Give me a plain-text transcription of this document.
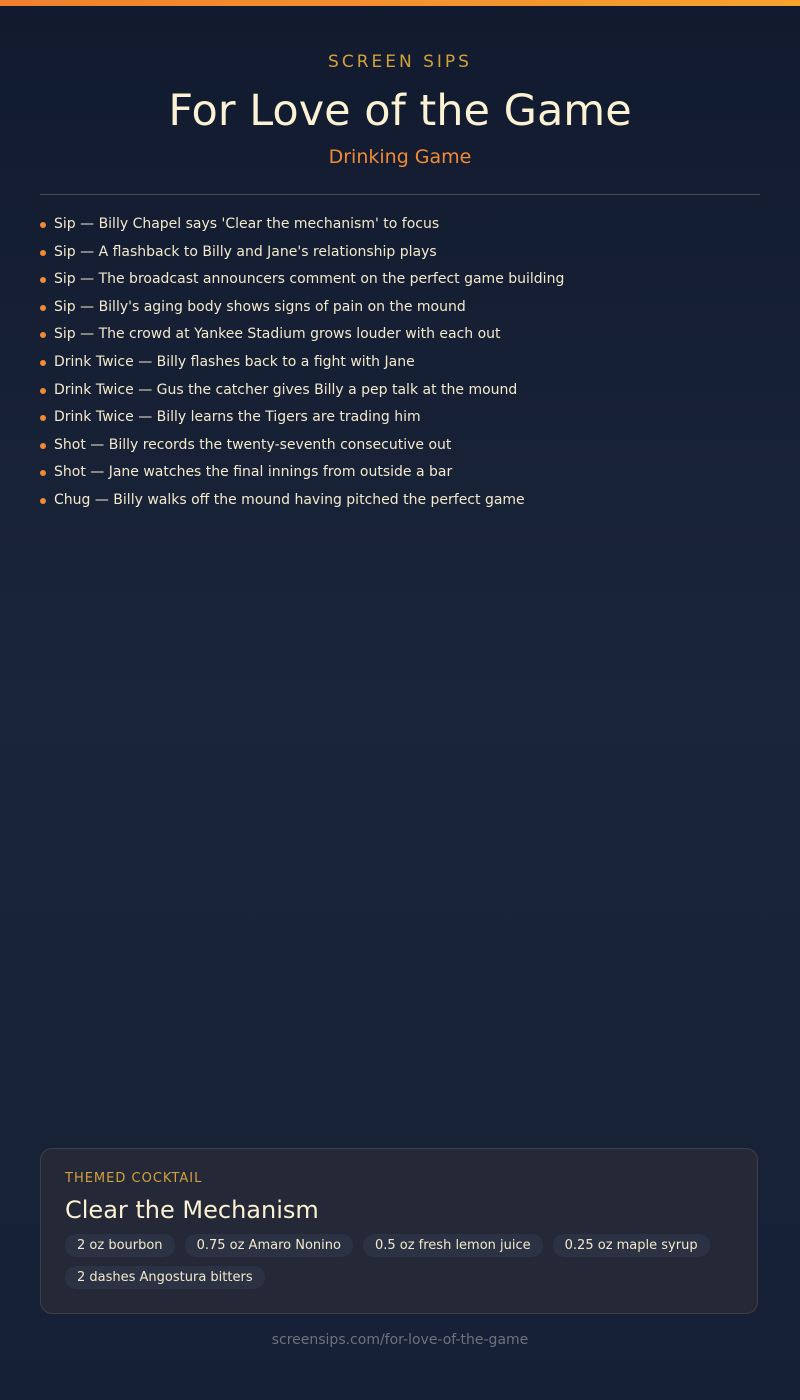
SCREEN SIPS
For Love of the Game
Drinking Game
Sip — Billy Chapel says 'Clear the mechanism' to focus
Sip — A flashback to Billy and Jane's relationship plays
Sip — The broadcast announcers comment on the perfect game building
Sip — Billy's aging body shows signs of pain on the mound
Sip — The crowd at Yankee Stadium grows louder with each out
Drink Twice — Billy flashes back to a fight with Jane
Drink Twice — Gus the catcher gives Billy a pep talk at the mound
Drink Twice — Billy learns the Tigers are trading him
Shot — Billy records the twenty-seventh consecutive out
Shot — Jane watches the final innings from outside a bar
Chug — Billy walks off the mound having pitched the perfect game
THEMED COCKTAIL
Clear the Mechanism
2 oz bourbon	0.75 oz Amaro Nonino	0.5 oz fresh lemon juice	0.25 oz maple syrup
2 dashes Angostura bitters
screensips.com/for-love-of-the-game
